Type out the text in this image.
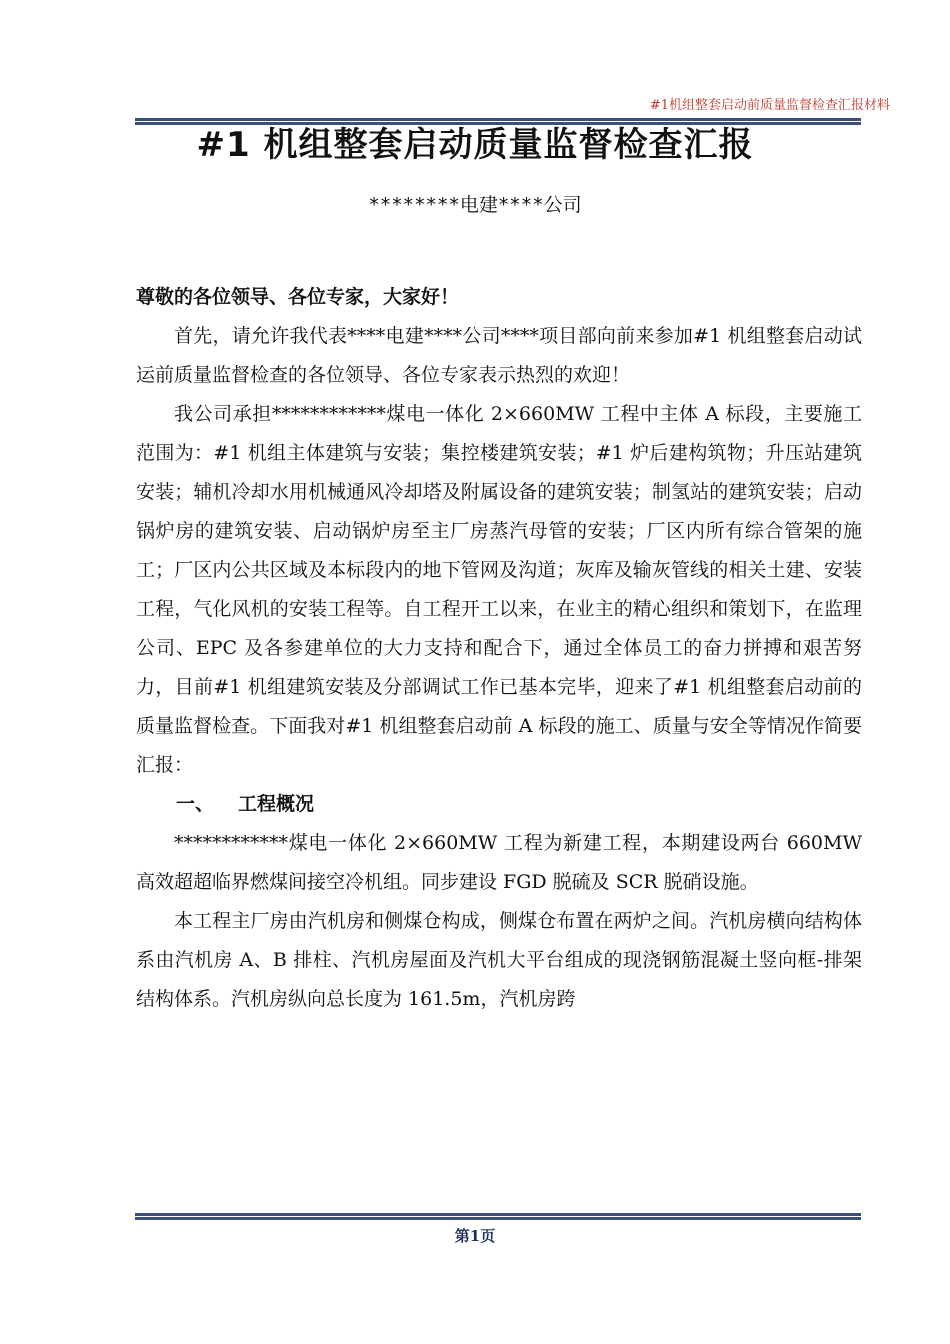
#1机组整套启动前质量监督检查汇报材料
#1 机组整套启动质量监督检查汇报
********电建****公司

尊敬的各位领导、各位专家，大家好！

首先，请允许我代表****电建****公司****项目部向前来参加#1 机组整套启动试运前质量监督检查的各位领导、各位专家表示热烈的欢迎！

我公司承担************煤电一体化 2×660MW 工程中主体 A 标段，主要施工范围为：#1 机组主体建筑与安装；集控楼建筑安装；#1 炉后建构筑物；升压站建筑安装；辅机冷却水用机械通风冷却塔及附属设备的建筑安装；制氢站的建筑安装；启动锅炉房的建筑安装、启动锅炉房至主厂房蒸汽母管的安装；厂区内所有综合管架的施工；厂区内公共区域及本标段内的地下管网及沟道；灰库及输灰管线的相关土建、安装工程，气化风机的安装工程等。自工程开工以来，在业主的精心组织和策划下，在监理公司、EPC 及各参建单位的大力支持和配合下，通过全体员工的奋力拼搏和艰苦努力，目前#1 机组建筑安装及分部调试工作已基本完毕，迎来了#1 机组整套启动前的质量监督检查。下面我对#1 机组整套启动前 A 标段的施工、质量与安全等情况作简要汇报：

一、 工程概况

************煤电一体化 2×660MW 工程为新建工程，本期建设两台 660MW 高效超超临界燃煤间接空冷机组。同步建设 FGD 脱硫及 SCR 脱硝设施。

本工程主厂房由汽机房和侧煤仓构成，侧煤仓布置在两炉之间。汽机房横向结构体系由汽机房 A、B 排柱、汽机房屋面及汽机大平台组成的现浇钢筋混凝土竖向框-排架结构体系。汽机房纵向总长度为 161.5m，汽机房跨

第1页
